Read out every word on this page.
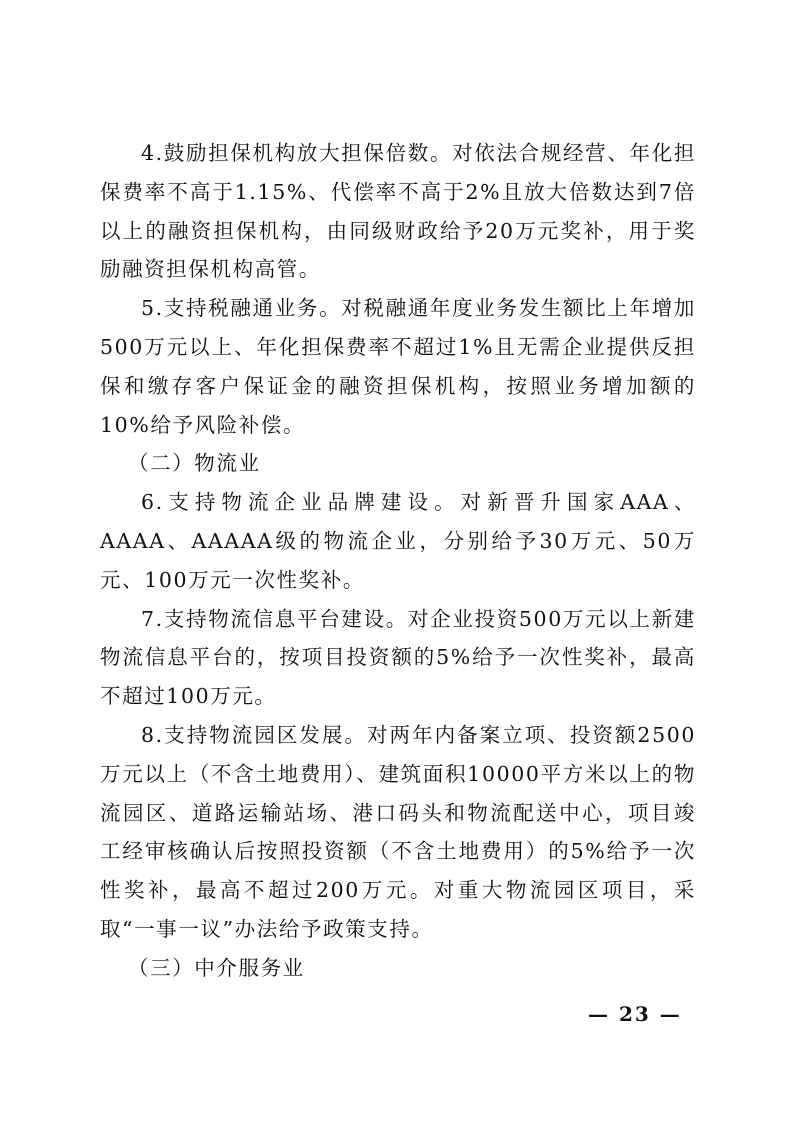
4.鼓励担保机构放大担保倍数。对依法合规经营、年化担保费率不高于1.15%、代偿率不高于2%且放大倍数达到7倍以上的融资担保机构，由同级财政给予20万元奖补，用于奖励融资担保机构高管。

5.支持税融通业务。对税融通年度业务发生额比上年增加500万元以上、年化担保费率不超过1%且无需企业提供反担保和缴存客户保证金的融资担保机构，按照业务增加额的10%给予风险补偿。

（二）物流业

6.支持物流企业品牌建设。对新晋升国家AAA、AAAA、AAAAA级的物流企业，分别给予30万元、50万元、100万元一次性奖补。

7.支持物流信息平台建设。对企业投资500万元以上新建物流信息平台的，按项目投资额的5%给予一次性奖补，最高不超过100万元。

8.支持物流园区发展。对两年内备案立项、投资额2500万元以上（不含土地费用）、建筑面积10000平方米以上的物流园区、道路运输站场、港口码头和物流配送中心，项目竣工经审核确认后按照投资额（不含土地费用）的5%给予一次性奖补，最高不超过200万元。对重大物流园区项目，采取“一事一议”办法给予政策支持。

（三）中介服务业

— 23 —
